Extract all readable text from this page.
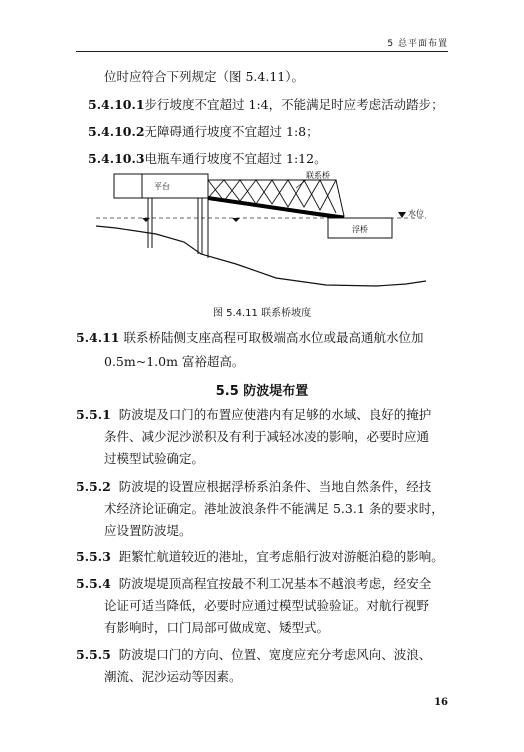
5 总平面布置
位时应符合下列规定（图 5.4.11）。
5.4.10.1步行坡度不宜超过 1:4，不能满足时应考虑活动踏步；
5.4.10.2无障碍通行坡度不宜超过 1:8；
5.4.10.3电瓶车通行坡度不宜超过 1:12。
平台
联系桥
浮桥
水位
图 5.4.11 联系桥坡度
5.4.11 联系桥陆侧支座高程可取极端高水位或最高通航水位加
0.5m~1.0m 富裕超高。
5.5 防波堤布置
5.5.1 防波堤及口门的布置应使港内有足够的水域、良好的掩护
条件、减少泥沙淤积及有利于减轻冰凌的影响，必要时应通
过模型试验确定。
5.5.2 防波堤的设置应根据浮桥系泊条件、当地自然条件，经技
术经济论证确定。港址波浪条件不能满足 5.3.1 条的要求时，
应设置防波堤。
5.5.3 距繁忙航道较近的港址，宜考虑船行波对游艇泊稳的影响。
5.5.4 防波堤堤顶高程宜按最不利工况基本不越浪考虑，经安全
论证可适当降低，必要时应通过模型试验验证。对航行视野
有影响时，口门局部可做成宽、矮型式。
5.5.5 防波堤口门的方向、位置、宽度应充分考虑风向、波浪、
潮流、泥沙运动等因素。
16
